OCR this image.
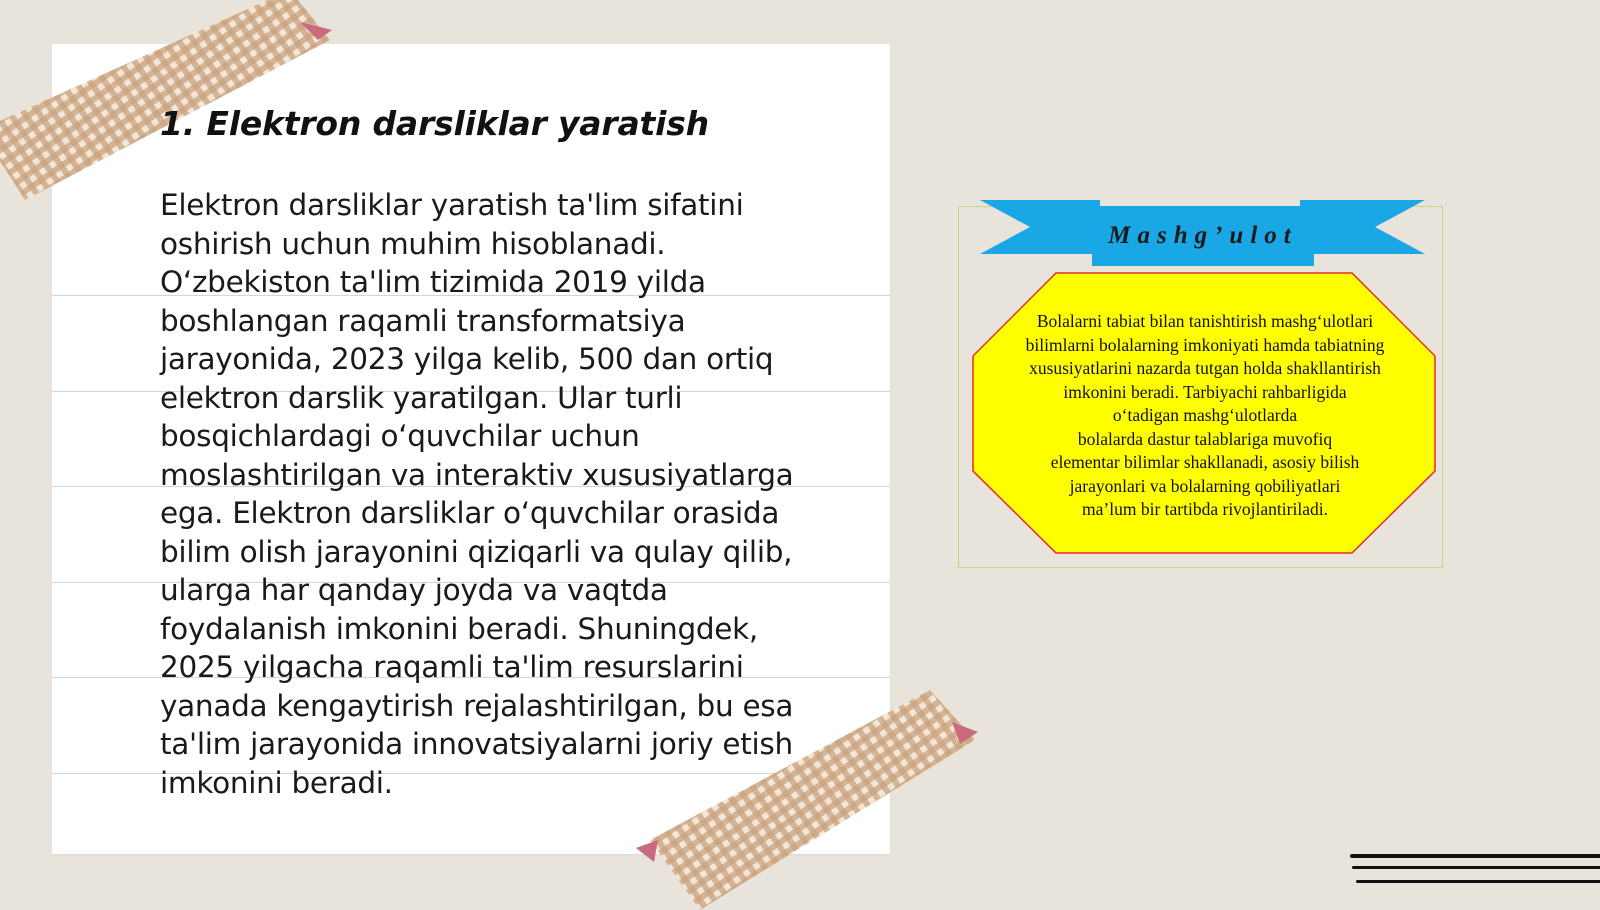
1. Elektron darsliklar yaratish

Elektron darsliklar yaratish ta'lim sifatini oshirish uchun muhim hisoblanadi. Oʻzbekiston ta'lim tizimida 2019 yilda boshlangan raqamli transformatsiya jarayonida, 2023 yilga kelib, 500 dan ortiq elektron darslik yaratilgan. Ular turli bosqichlardagi oʻquvchilar uchun moslashtirilgan va interaktiv xususiyatlarga ega. Elektron darsliklar oʻquvchilar orasida bilim olish jarayonini qiziqarli va qulay qilib, ularga har qanday joyda va vaqtda foydalanish imkonini beradi. Shuningdek, 2025 yilgacha raqamli ta'lim resurslarini yanada kengaytirish rejalashtirilgan, bu esa ta'lim jarayonida innovatsiyalarni joriy etish imkonini beradi.

Mashg’ulot
Bolalarni tabiat bilan tanishtirish mashgʻulotlari
bilimlarni bolalarning imkoniyati hamda tabiatning
xususiyatlarini nazarda tutgan holda shakllantirish
imkonini beradi. Tarbiyachi rahbarligida
oʻtadigan mashgʻulotlarda
bolalarda dastur talablariga muvofiq
elementar bilimlar shakllanadi, asosiy bilish
jarayonlari va bolalarning qobiliyatlari
ma’lum bir tartibda rivojlantiriladi.
